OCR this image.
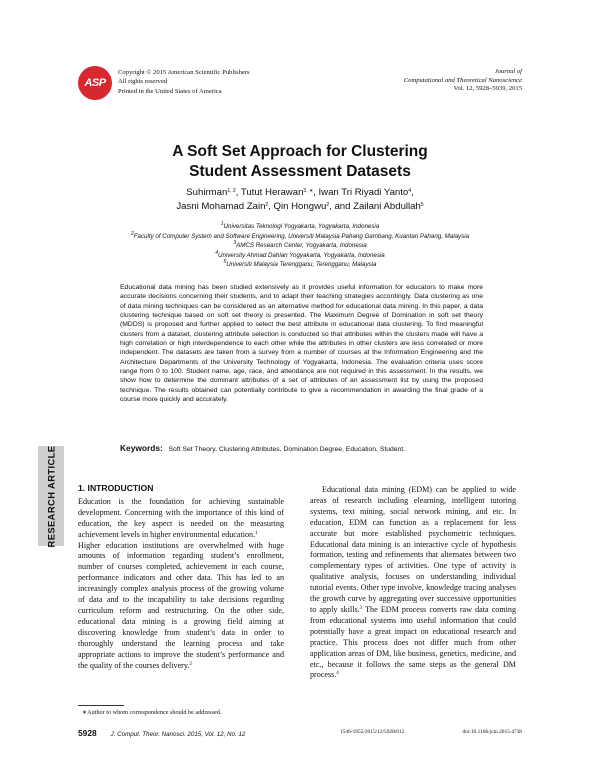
ASP
Copyright © 2015 American Scientific Publishers
All rights reserved
Printed in the United States of America
Journal of
Computational and Theoretical Nanoscience
Vol. 12, 5928–5939, 2015
A Soft Set Approach for Clustering
Student Assessment Datasets
Suhirman$^{1, 2}$, Tutut Herawan$^{3, ∗}$, Iwan Tri Riyadi Yanto$^4$,
Jasni Mohamad Zain$^2$, Qin Hongwu$^2$, and Zailani Abdullah$^5$
$^1$Universitas Teknologi Yogyakarta, Yogyakarta, Indonesia
$^2$Faculty of Computer System and Software Engineering, Universiti Malaysia Pahang Gambang, Kuantan Pahang, Malaysia
$^3$AMCS Research Center, Yogyakarta, Indonesia
$^4$University Ahmad Dahlan Yogyakarta, Yogyakarta, Indonesia
$^5$Universiti Malaysia Terengganu, Terengganu, Malaysia
Educational data mining has been studied extensively as it provides useful information for educators to make more accurate decisions concerning their students, and to adapt their teaching strategies accordingly. Data clustering as one of data mining techniques can be considered as an alternative method for educational data mining. In this paper, a data clustering technique based on soft set theory is presented. The Maximum Degree of Domination in soft set theory (MDDS) is proposed and further applied to select the best attribute in educational data clustering. To find meaningful clusters from a dataset, clustering attribute selection is conducted so that attributes within the clusters made will have a high correlation or high interdependence to each other while the attributes in other clusters are less correlated or more independent. The datasets are taken from a survey from a number of courses at the Information Engineering and the Architecture Departments of the University Technology of Yogyakarta, Indonesia. The evaluation criteria uses score range from 0 to 100. Student name, age, race, and attendance are not required in this assessment. In the results, we show how to determine the dominant attributes of a set of attributes of an assessment list by using the proposed technique. The results obtained can potentially contribute to give a recommendation in awarding the final grade of a course more quickly and accurately.
Keywords: Soft Set Theory, Clustering Attributes, Domination Degree, Education, Student.
RESEARCH ARTICLE 1. INTRODUCTION

Education is the foundation for achieving sustainable development. Concerning with the importance of this kind of education, the key aspect is needed on the measuring achievement levels in higher environmental education.$^1$

Higher education institutions are overwhelmed with huge amounts of information regarding student’s enrollment, number of courses completed, achievement in each course, performance indicators and other data. This has led to an increasingly complex analysis process of the growing volume of data and to the incapability to take decisions regarding curriculum reform and restructuring. On the other side, educational data mining is a growing field aiming at discovering knowledge from student’s data in order to thoroughly understand the learning process and take appropriate actions to improve the student’s performance and the quality of the courses delivery.$^2$

Educational data mining (EDM) can be applied to wide areas of research including elearning, intelligent tutoring systems, text mining, social network mining, and etc. In education, EDM can function as a replacement for less accurate but more established psychometric techniques. Educational data mining is an interactive cycle of hypothesis formation, testing and refinements that alternates between two complementary types of activities. One type of activity is qualitative analysis, focuses on understanding individual tutorial events. Other type involve, knowledge tracing analyses the growth curve by aggregating over successive opportunities to apply skills.$^3$ The EDM process converts raw data coming from educational systems into useful information that could potentially have a great impact on educational research and practice. This process does not differ much from other application areas of DM, like business, genetics, medicine, and etc., because it follows the same steps as the general DM process.$^4$

∗Author to whom correspondence should be addressed.
5928 J. Comput. Theor. Nanosci. 2015, Vol. 12, No. 12	1546-1955/2015/12/5928/012	doi:10.1166/jctn.2015.4738
